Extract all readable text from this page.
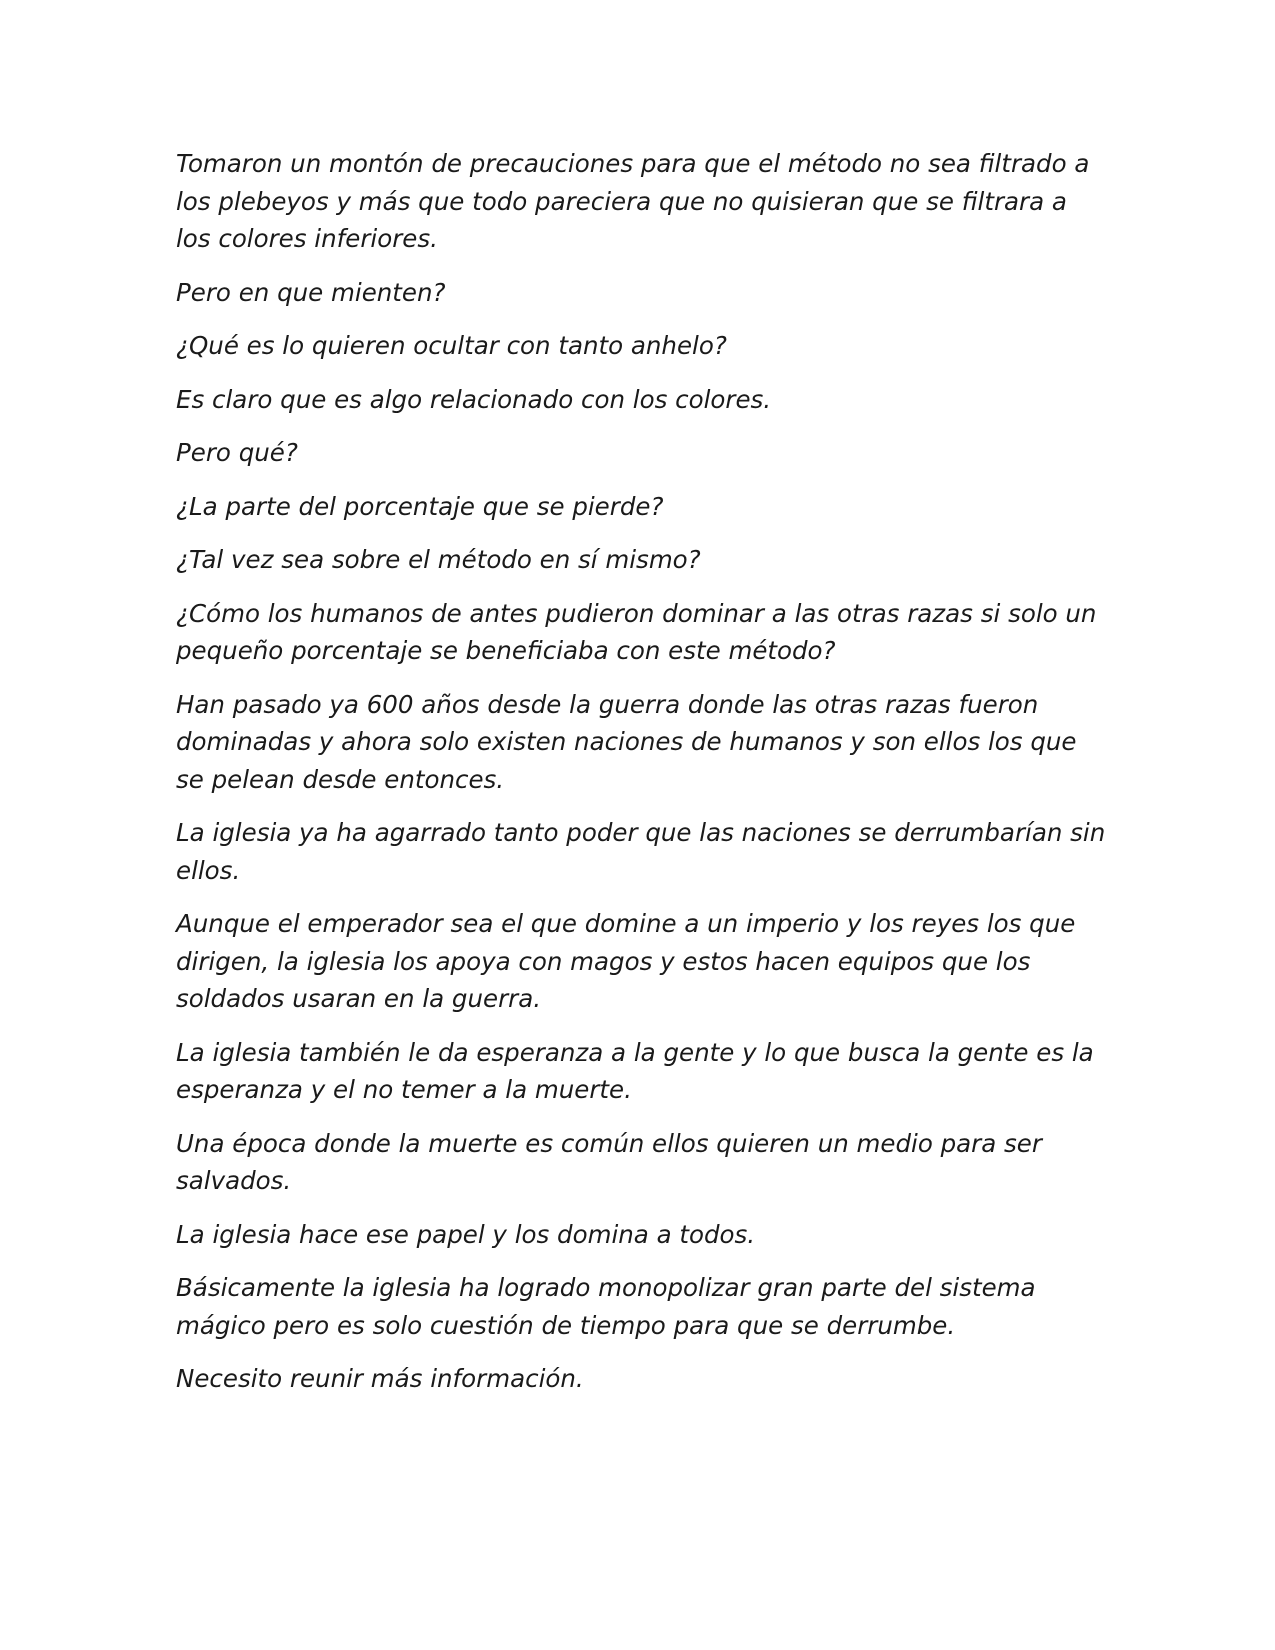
Tomaron un montón de precauciones para que el método no sea filtrado a los plebeyos y más que todo pareciera que no quisieran que se filtrara a los colores inferiores.

Pero en que mienten?

¿Qué es lo quieren ocultar con tanto anhelo?

Es claro que es algo relacionado con los colores.

Pero qué?

¿La parte del porcentaje que se pierde?

¿Tal vez sea sobre el método en sí mismo?

¿Cómo los humanos de antes pudieron dominar a las otras razas si solo un pequeño porcentaje se beneficiaba con este método?

Han pasado ya 600 años desde la guerra donde las otras razas fueron dominadas y ahora solo existen naciones de humanos y son ellos los que se pelean desde entonces.

La iglesia ya ha agarrado tanto poder que las naciones se derrumbarían sin ellos.

Aunque el emperador sea el que domine a un imperio y los reyes los que dirigen, la iglesia los apoya con magos y estos hacen equipos que los soldados usaran en la guerra.

La iglesia también le da esperanza a la gente y lo que busca la gente es la esperanza y el no temer a la muerte.

Una época donde la muerte es común ellos quieren un medio para ser salvados.

La iglesia hace ese papel y los domina a todos.

Básicamente la iglesia ha logrado monopolizar gran parte del sistema mágico pero es solo cuestión de tiempo para que se derrumbe.

Necesito reunir más información.
